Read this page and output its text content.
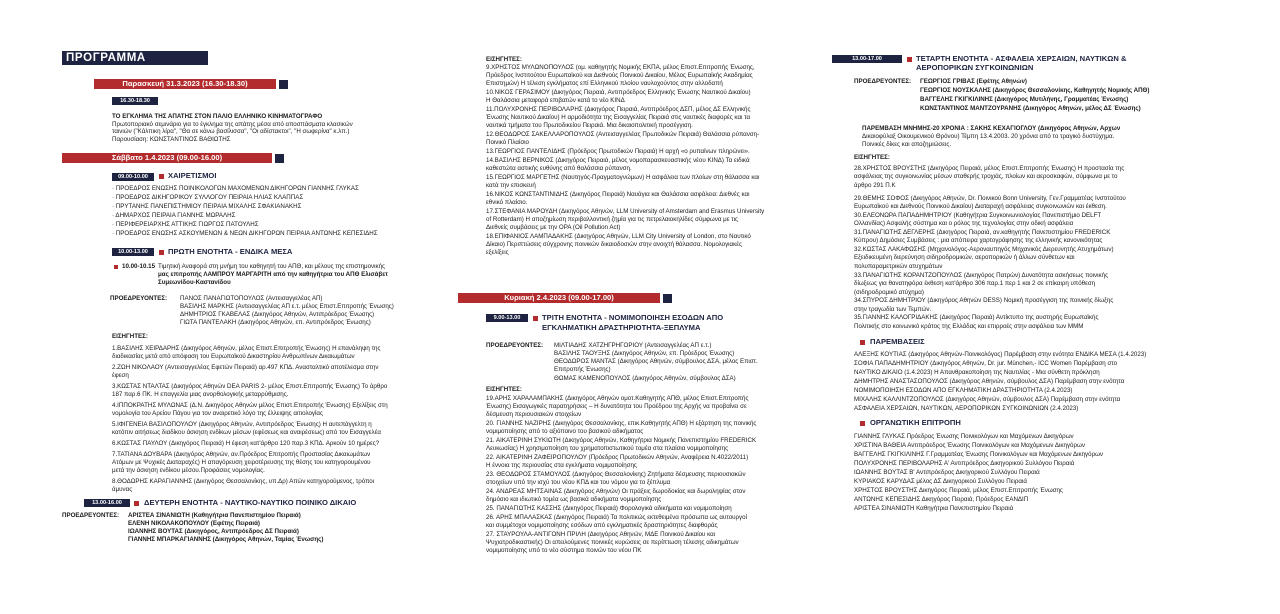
ΠΡΟΓΡΑΜΜΑ
Παρασκευή 31.3.2023 (16.30-18.30)
16.30-18.30
ΤΟ ΕΓΚΛΗΜΑ ΤΗΣ ΑΠΑΤΗΣ ΣΤΟΝ ΠΑΛΙΟ ΕΛΛΗΝΙΚΟ ΚΙΝΗΜΑΤΟΓΡΑΦΟ
Πρωτοποριακό σεμινάριο για το έγκλημα της απάτης μέσα από αποσπάσματα κλασικών
ταινιών ("Κάλπικη λίρα", "Θα σε κάνω βασίλισσα", "Οι αδίστακτοι", "Η σωφερίνα" κ.λπ.)
Παρουσίαση: ΚΩΝΣΤΑΝΤΙΝΟΣ ΒΑΘΙΩΤΗΣ
Σάββατο 1.4.2023 (09.00-16.00)
09.00-10.00	ΧΑΙΡΕΤΙΣΜΟΙ
· ΠΡΟΕΔΡΟΣ ΕΝΩΣΗΣ ΠΟΙΝΙΚΟΛΟΓΩΝ ΜΑΧΟΜΕΝΩΝ ΔΙΚΗΓΟΡΩΝ ΓΙΑΝΝΗΣ ΓΛΥΚΑΣ
· ΠΡΟΕΔΡΟΣ ΔΙΚΗΓΟΡΙΚΟΥ ΣΥΛΛΟΓΟΥ ΠΕΙΡΑΙΑ ΗΛΙΑΣ ΚΛΑΠΠΑΣ
· ΠΡΥΤΑΝΗΣ ΠΑΝΕΠΙΣΤΗΜΙΟΥ ΠΕΙΡΑΙΑ ΜΙΧΑΛΗΣ ΣΦΑΚΙΑΝΑΚΗΣ
· ΔΗΜΑΡΧΟΣ ΠΕΙΡΑΙΑ ΓΙΑΝΝΗΣ ΜΩΡΑΛΗΣ
· ΠΕΡΙΦΕΡΕΙΑΡΧΗΣ ΑΤΤΙΚΗΣ ΓΙΩΡΓΟΣ ΠΑΤΟΥΛΗΣ
· ΠΡΟΕΔΡΟΣ ΕΝΩΣΗΣ ΑΣΚΟΥΜΕΝΩΝ & ΝΕΩΝ ΔΙΚΗΓΟΡΩΝ ΠΕΙΡΑΙΑ ΑΝΤΩΝΗΣ ΚΕΠΕΣΙΔΗΣ
10.00-13.00	ΠΡΩΤΗ ΕΝΟΤΗΤΑ - ΕΝΔΙΚΑ ΜΕΣΑ
10.00-10.15 Τιμητική Αναφορά στη μνήμη του καθηγητή του ΑΠΘ, και μέλους της επιστημονικής
μας επιτροπής ΛΑΜΠΡΟΥ ΜΑΡΓΑΡΙΤΗ από την καθηγήτρια του ΑΠΘ Ελισάβετ
Συμεωνίδου-Καστανίδου
ΠΡΟΕΔΡΕΥΟΝΤΕΣ: ΠΑΝΟΣ ΠΑΝΑΓΙΩΤΟΠΟΥΛΟΣ (Αντεισαγγελέας ΑΠ)
ΒΑΣΙΛΗΣ ΜΑΡΚΗΣ (Αντεισαγγελέας ΑΠ ε.τ. μέλος Επιστ.Επιτροπής Ένωσης)
ΔΗΜΗΤΡΙΟΣ ΓΚΑΒΕΛΑΣ (Δικηγόρος Αθηνών, Αντιπρόεδρος Ένωσης)
ΓΙΩΤΑ ΠΑΝΤΕΛΑΚΗ (Δικηγόρος Αθηνών, επ. Αντιπρόεδρος Ένωσης)
ΕΙΣΗΓΗΤΕΣ:
1.ΒΑΣΙΛΗΣ ΧΕΙΡΔΑΡΗΣ (Δικηγόρος Αθηνών, μέλος Επιστ.Επιτροπής Ένωσης) Η επανάληψη της
διαδικασίας μετά από απόφαση του Ευρωπαϊκού Δικαστηρίου Ανθρωπίνων Δικαιωμάτων
2.ΖΩΗ ΝΙΚΟΛΑΟΥ (Αντεισαγγελέας Εφετών Πειραιά) αρ.497 ΚΠΔ. Ανασταλτικό αποτέλεσμα στην
έφεση
3.ΚΩΣΤΑΣ ΝΤΑΛΤΑΣ (Δικηγόρος Αθηνών DEA PARIS 2- μέλος Επιστ.Επιτροπής Ένωσης) Το άρθρο
187 παρ.6 ΠΚ. Η επαγγελία μιας ανορθολογικής μεταρρύθμισης.
4.ΙΠΠΟΚΡΑΤΗΣ ΜΥΛΩΝΑΣ (Δ.Ν. Δικηγόρος Αθηνών μέλος Επιστ.Επιτροπής Ένωσης) Εξελίξεις στη
νομολογία του Αρείου Πάγου για τον αναιρετικό λόγο της έλλειψης αιτιολογίας
5.ΙΦΙΓΕΝΕΙΑ ΒΑΣΙΛΟΠΟΥΛΟΥ (Δικηγόρος Αθηνών, Αντιπρόεδρος Ένωσης) Η αυτεπάγγελτη η
κατόπιν αιτήσεως διαδίκου άσκηση ενδίκων μέσων (εφέσεως και αναιρέσεως) από τον Εισαγγελέα
6.ΚΩΣΤΑΣ ΠΑΥΛΟΥ (Δικηγόρος Πειραιά) Η έφεση κατ'άρθρο 120 παρ.3 ΚΠΔ. Αρκούν 10 ημέρες?
7.ΤΑΤΙΑΝΑ ΔΟΥΒΑΡΑ (Δικηγόρος Αθηνών, αν.Πρόεδρος Επιτροπής Προστασίας Δικαιωμάτων
Ατόμων με Ψυχικές Διαταραχές) Η απαγόρευση χειροτέρευσης της θέσης του κατηγορουμένου
μετά την άσκηση ενδίκου μέσου.Προφάσεις νομολογίας.
8.ΘΟΔΩΡΗΣ ΚΑΡΑΓΙΑΝΝΗΣ (Δικηγόρος Θεσσαλονίκης, υπ.Δρ) Απών κατηγορούμενος, τρόποι
άμυνας
13.00-16.00	ΔΕΥΤΕΡΗ ΕΝΟΤΗΤΑ - ΝΑΥΤΙΚΟ-ΝΑΥΤΙΚΟ ΠΟΙΝΙΚΟ ΔΙΚΑΙΟ
ΠΡΟΕΔΡΕΥΟΝΤΕΣ: ΑΡΙΣΤΕΑ ΣΙΝΑΝΙΩΤΗ (Καθηγήτρια Πανεπιστημίου Πειραιά)
ΕΛΕΝΗ ΝΙΚΟΛΑΚΟΠΟΥΛΟΥ (Εφέτης Πειραιά)
ΙΩΑΝΝΗΣ ΒΟΥΤΑΣ (Δικηγόρος, Αντιπρόεδρος ΔΣ Πειραιά)
ΓΙΑΝΝΗΣ ΜΠΑΡΚΑΓΙΑΝΝΗΣ (Δικηγόρος Αθηνών, Ταμίας Ένωσης)
ΕΙΣΗΓΗΤΕΣ:
9.ΧΡΗΣΤΟΣ ΜΥΛΩΝΟΠΟΥΛΟΣ (ομ. καθηγητής Νομικής ΕΚΠΑ, μέλος Επιστ.Επιτροπής Ένωσης,
Πρόεδρος Ινστιτούτου Ευρωπαϊκού και Διεθνούς Ποινικού Δικαίου, Μέλος Ευρωπαϊκής Ακαδημίας
Επιστημών) Η τέλεση εγκλήματος επί Ελληνικού πλοίου ναυλοχούντος στην αλλοδαπή
10.ΝΙΚΟΣ ΓΕΡΑΣΙΜΟΥ (Δικηγόρος Πειραιά, Αντιπρόεδρος Ελληνικής Ένωσης Ναυτικού Δικαίου)
Η Θαλάσσια μεταφορά επιβατών κατά το νέο ΚΙΝΔ
11.ΠΟΛΥΧΡΟΝΗΣ ΠΕΡΙΒΟΛΑΡΗΣ (Δικηγόρος Πειραιά, Αντιπρόεδρος ΔΣΠ, μέλος ΔΣ Ελληνικής
Ένωσης Ναυτικού Δικαίου) Η αρμοδιότητα της Εισαγγελίας Πειραιά στις ναυτικές διαφορές και τα
ναυτικά τμήματα του Πρωτοδικείου Πειραιά. Μια δικαιοπολιτική προσέγγιση.
12.ΘΕΟΔΩΡΟΣ ΣΑΚΕΛΛΑΡΟΠΟΥΛΟΣ (Αντεισαγγελέας Πρωτοδικών Πειραιά) Θαλάσσια ρύπανση-
Ποινικό Πλαίσιο
13.ΓΕΩΡΓΙΟΣ ΠΑΝΤΕΛΙΔΗΣ (Πρόεδρος Πρωτοδικών Πειραιά) Η αρχή «ο ρυπαίνων πληρώνει».
14.ΒΑΣΙΛΗΣ ΒΕΡΝΙΚΟΣ (Δικηγόρος Πειραιά, μέλος νομοπαρασκευαστικής νέου ΚΙΝΔ) Τα ειδικά
καθεστώτα αστικής ευθύνης από θαλάσσια ρύπανση.
15.ΓΕΩΡΓΙΟΣ ΜΑΡΓΕΤΗΣ (Ναυτηγός-Πραγματογνώμων) Η ασφάλεια των πλοίων στη θάλασσα και
κατά την επισκευή
16.ΝΙΚΟΣ ΚΩΝΣΤΑΝΤΙΝΙΔΗΣ (Δικηγόρος Πειραιά) Ναυάγια και Θαλάσσια ασφάλεια: Διεθνές και
εθνικό πλαίσιο.
17.ΣΤΕΦΑΝΙΑ ΜΑΡΟΥΔΗ (Δικηγόρος Αθηνών, LLM University of Amsterdam and Erasmus University
of Rotterdam) Η αποζημίωση περιβαλλοντική ζημία για τις πετρελαιοκηλίδες σύμφωνα με τις
Διεθνείς συμβάσεις με την OPA (Oil Pollution Act)
18.ΕΠΙΦΑΝΙΟΣ ΛΑΜΠΑΔΑΚΗΣ (Δικηγόρος Αθηνών, LLM City University of London, στο Ναυτικό
Δίκαιο) Περιπτώσεις σύγχρονης ποινικών δικαιοδοσιών στην ανοιχτή θάλασσα. Νομολογιακές
εξελίξεις
Κυριακή 2.4.2023 (09.00-17.00)
9.00-13.00	ΤΡΙΤΗ ΕΝΟΤΗΤΑ - ΝΟΜΙΜΟΠΟΙΗΣΗ ΕΣΟΔΩΝ ΑΠΟ
ΕΓΚΛΗΜΑΤΙΚΗ ΔΡΑΣΤΗΡΙΟΤΗΤΑ-ΞΕΠΛΥΜΑ
ΠΡΟΕΔΡΕΥΟΝΤΕΣ: ΜΙΛΤΙΑΔΗΣ ΧΑΤΖΗΓΡΗΓΟΡΙΟΥ (Αντεισαγγελέας ΑΠ ε.τ.)
ΒΑΣΙΛΗΣ ΤΑΟΥΞΗΣ (Δικηγόρος Αθηνών, επ. Πρόεδρος Ένωσης)
ΘΕΟΔΩΡΟΣ ΜΑΝΤΑΣ (Δικηγόρος Αθηνών, σύμβουλος ΔΣΑ, μέλος Επιστ.
Επιτροπής Ένωσης)
ΘΩΜΑΣ ΚΑΜΕΝΟΠΟΥΛΟΣ (Δικηγόρος Αθηνών, σύμβουλος ΔΣΑ)
ΕΙΣΗΓΗΤΕΣ:
19.ΑΡΗΣ ΧΑΡΑΛΑΜΠΑΚΗΣ (Δικηγόρος Αθηνών ομοτ.Καθηγητής ΑΠΘ, μέλος Επιστ.Επιτροπής
Ένωσης) Εισαγωγικές παρατηρήσεις – Η δυνατότητα του Προέδρου της Αρχής να προβαίνει σε
δέσμευση περιουσιακών στοιχείων
20. ΓΙΑΝΝΗΣ ΝΑΖΙΡΗΣ (Δικηγόρος Θεσσαλονίκης, επικ.Καθηγητής ΑΠΘ) Η εξάρτηση της ποινικής
νομιμοποίησης από το αξιόποινο του βασικού αδικήματος
21. ΑΙΚΑΤΕΡΙΝΗ ΣΥΚΙΩΤΗ (Δικηγόρος Αθηνών, Καθηγήτρια Νομικής Πανεπιστημίου FREDERICK
Λευκωσίας) Η χρησιμοποίηση του χρηματοπιστωτικού τομέα στα πλαίσια νομιμοποίησης
22. ΑΙΚΑΤΕΡΙΝΗ ΖΑΦΕΙΡΟΠΟΥΛΟΥ (Πρόεδρος Πρωτοδικών Αθηνών, Αναφέρεια Ν.4022/2011)
Η έννοια της περιουσίας στα εγκλήματα νομιμοποίησης
23. ΘΕΟΔΩΡΟΣ ΣΤΑΜΟΥΛΟΣ (Δικηγόρος Θεσσαλονίκης) Ζητήματα δέσμευσης περιουσιακών
στοιχείων υπό την ισχύ του νέου ΚΠΔ και του νόμου για το ξέπλυμα
24. ΑΝΔΡΕΑΣ ΜΗΤΣΑΙΝΑΣ (Δικηγόρος Αθηνών) Οι πράξεις δωροδοκίας και δωροληψίας στον
δημόσιο και ιδιωτικό τομέα ως βασικά αδικήματα νομιμοποίησης
25. ΠΑΝΑΓΙΩΤΗΣ ΚΑΣΣΗΣ (Δικηγόρος Πειραιά) Φορολογικά αδικήματα και νομιμοποίηση
26. ΑΡΗΣ ΜΠΑΛΑΣΚΑΣ (Δικηγόρος Πειραιά) Τα πολιτικώς εκτεθειμένα πρόσωπα ως αυτουργοί
και συμμέτοχοι νομιμοποίησης εσόδων από εγκληματικές δραστηριότητες διαφθοράς
27. ΣΤΑΥΡΟΥΛΑ-ΑΝΤΙΓΟΝΗ ΠΡΙΛΗ (Δικηγόρος Αθηνών, ΜΔΕ Ποινικού Δικαίου και
Ψυχιατροδικαστικής) Οι απειλούμενες ποινικές κυρώσεις σε περίπτωση τέλεσης αδικημάτων
νομιμοποίησης υπό το νέο σύστημα ποινών του νέου ΠΚ
13.00-17.00	ΤΕΤΑΡΤΗ ΕΝΟΤΗΤΑ - ΑΣΦΑΛΕΙΑ ΧΕΡΣΑΙΩΝ, ΝΑΥΤΙΚΩΝ &
ΑΕΡΟΠΟΡΙΚΩΝ ΣΥΓΚΟΙΝΩΝΙΩΝ
ΠΡΟΕΔΡΕΥΟΝΤΕΣ: ΓΕΩΡΓΙΟΣ ΓΡΙΒΑΣ (Εφέτης Αθηνών)
ΓΕΩΡΓΙΟΣ ΝΟΥΣΚΑΛΗΣ (Δικηγόρος Θεσσαλονίκης, Καθηγητής Νομικής ΑΠΘ)
ΒΑΓΓΕΛΗΣ ΓΚΙΓΚΙΛΙΝΗΣ (Δικηγόρος Μυτιλήνης, Γραμματέας Ένωσης)
ΚΩΝΣΤΑΝΤΙΝΟΣ ΜΑΝΤΖΟΥΡΑΝΗΣ (Δικηγόρος Αθηνών, μέλος ΔΣ Ένωσης)
ΠΑΡΕΜΒΑΣΗ ΜΝΗΜΗΣ-20 ΧΡΟΝΙΑ : ΣΑΚΗΣ ΚΕΧΑΓΙΟΓΛΟΥ (Δικηγόρος Αθηνών, Αρχων
Δικαιοφύλαξ Οικουμενικού Θρόνου) Τέμπη 13.4.2003. 20 χρόνια από το τραγικό δυστύχημα.
Ποινικές δίκες και αποζημιώσεις.
ΕΙΣΗΓΗΤΕΣ:
28.ΧΡΗΣΤΟΣ ΒΡΟΥΣΤΗΣ (Δικηγόρος Πειραιά, μέλος Επιστ.Επιτροπής Ένωσης) Η προστασία της
ασφάλειας της συγκοινωνίας μέσων σταθερής τροχιάς, πλοίων και αεροσκαφών, σύμφωνα με το
άρθρο 291 Π.Κ
29.ΘΕΜΗΣ ΣΟΦΟΣ (Δικηγόρος Αθηνών, Dr. Ποινικού Bonn University, Γεν.Γραμματέας Ινστιτούτου
Ευρωπαϊκού και Διεθνούς Ποινικού Δικαίου) Διαταραχή ασφάλειας συγκοινωνιών και έκθεση.
30.ΕΛΕΟΝΩΡΑ ΠΑΠΑΔΗΜΗΤΡΙΟΥ (Καθηγήτρια Συγκοινωνιολογίας Πανεπιστήμιο DELFT
Ολλανδίας) Ασφαλής σύστημα και ο ρόλος της τεχνολογίας στην οδική ασφάλεια
31.ΠΑΝΑΓΙΩΤΗΣ ΔΕΓΛΕΡΗΣ (Δικηγόρος Πειραιά, αν.καθηγητής Πανεπιστημίου FREDERICK
Κύπρου) Δημόσιες Συμβάσεις : μια απόπειρα χαρτογράφησης της ελληνικής κανονικότητας
32.ΚΩΣΤΑΣ ΛΑΚΑΦΩΣΗΣ (Μηχανολόγος-Αεροναυπηγός Μηχανικός Διερευνητής Ατυχημάτων)
Εξειδικευμένη διερεύνηση σιδηροδρομικών, αεροπορικών ή άλλων σύνθετων και
πολυπαραμετρικών ατυχημάτων
33.ΠΑΝΑΓΙΩΤΗΣ ΚΟΡΑΝΤΖΟΠΟΥΛΟΣ (Δικηγόρος Πατρών) Δυνατότητα ασκήσεως ποινικής
δίωξεως για θανατηφόρα έκθεση κατ'άρθρο 306 παρ.1 περ 1 και 2 σε επίκαιρη υπόθεση
(σιδηροδρομικό ατύχημα)
34.ΣΠΥΡΟΣ ΔΗΜΗΤΡΙΟΥ (Δικηγόρος Αθηνών DESS) Νομική προσέγγιση της ποινικής δίωξης
στην τραγωδία των Τεμπών.
35.ΓΙΑΝΝΗΣ ΚΑΛΟΓΡΙΔΑΚΗΣ (Δικηγόρος Πειραιά) Αντίκτυπο της αυστηρής Ευρωπαϊκής
Πολιτικής στο κοινωνικό κράτος της Ελλάδας και επιρροές στην ασφάλεια των ΜΜΜ
ΠΑΡΕΜΒΑΣΕΙΣ
ΑΛΕΞΗΣ ΚΟΥΤΙΑΣ (Δικηγόρος Αθηνών-Ποινικολόγος) Παρέμβαση στην ενότητα ΕΝΔΙΚΑ ΜΕΣΑ (1.4.2023)
ΣΟΦΙΑ ΠΑΠΑΔΗΜΗΤΡΙΟΥ (Δικηγόρος Αθηνών, Dr. jur. München,- ICC Women Παρέμβαση στο
ΝΑΥΤΙΚΟ ΔΙΚΑΙΟ (1.4.2023) Η Απανθρακοποίηση της Ναυτιλίας - Μια σύνθετη πρόκληση
ΔΗΜΗΤΡΗΣ ΑΝΑΣΤΑΣΟΠΟΥΛΟΣ (Δικηγόρος Αθηνών, σύμβουλος ΔΣΑ) Παρέμβαση στην ενότητα
ΝΟΜΙΜΟΠΟΙΗΣΗ ΕΣΟΔΩΝ ΑΠΟ ΕΓΚΛΗΜΑΤΙΚΗ ΔΡΑΣΤΗΡΙΟΤΗΤΑ (2.4.2023)
ΜΙΧΑΛΗΣ ΚΑΛΛΙΝΤΖΟΠΟΥΛΟΣ (Δικηγόρος Αθηνών, σύμβουλος ΔΣΑ) Παρέμβαση στην ενότητα
ΑΣΦΑΛΕΙΑ ΧΕΡΣΑΙΩΝ, ΝΑΥΤΙΚΩΝ, ΑΕΡΟΠΟΡΙΚΩΝ ΣΥΓΚΟΙΝΩΝΙΩΝ (2.4.2023)
ΟΡΓΑΝΩΤΙΚΗ ΕΠΙΤΡΟΠΗ
ΓΙΑΝΝΗΣ ΓΛΥΚΑΣ Πρόεδρος Ένωσης Ποινικολόγων και Μαχόμενων Δικηγόρων
ΧΡΙΣΤΙΝΑ ΒΑΘΕΙΑ Αντιπρόεδρος Ένωσης Ποινικολόγων και Μαχόμενων Δικηγόρων
ΒΑΓΓΕΛΗΣ ΓΚΙΓΚΙΛΙΝΗΣ Γ.Γραμματέας Ένωσης Ποινικολόγων και Μαχόμενων Δικηγόρων
ΠΟΛΥΧΡΟΝΗΣ ΠΕΡΙΒΟΛΑΡΗΣ Α' Αντιπρόεδρος Δικηγορικού Συλλόγου Πειραιά
ΙΩΑΝΝΗΣ ΒΟΥΤΑΣ Β' Αντιπρόεδρος Δικηγορικού Συλλόγου Πειραιά
ΚΥΡΙΑΚΟΣ ΚΑΡΥΔΑΣ μέλος ΔΣ Δικηγορικού Συλλόγου Πειραιά
ΧΡΗΣΤΟΣ ΒΡΟΥΣΤΗΣ Δικηγόρος Πειραιά, μέλος Επιστ.Επιτροπής Ένωσης
ΑΝΤΩΝΗΣ ΚΕΠΕΣΙΔΗΣ Δικηγόρος Πειραιά, Πρόεδρος ΕΑΝΔΙΠ
ΑΡΙΣΤΕΑ ΣΙΝΑΝΙΩΤΗ Καθηγήτρια Πανεπιστημίου Πειραιά
